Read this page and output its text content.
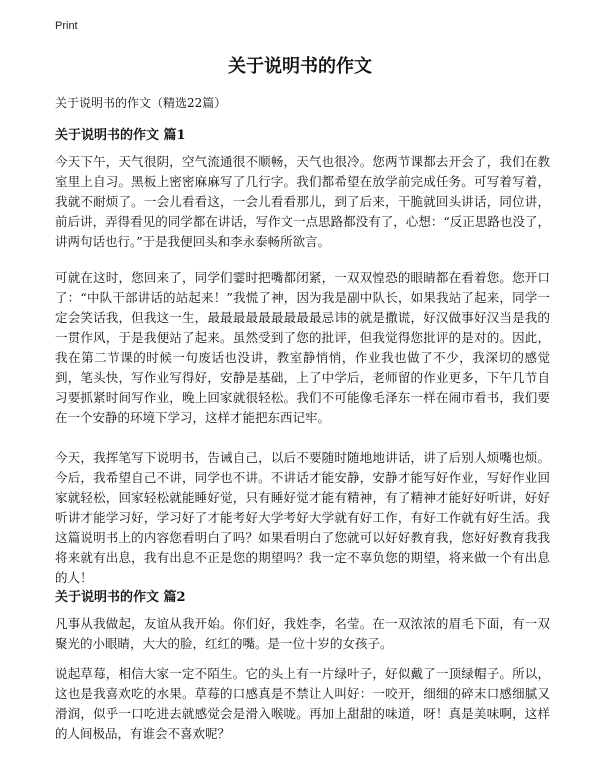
Print
关于说明书的作文
关于说明书的作文（精选22篇）
关于说明书的作文 篇1

今天下午，天气很阴，空气流通很不顺畅，天气也很冷。您两节课都去开会了，我们在教室里上自习。黑板上密密麻麻写了几行字。我们都希望在放学前完成任务。可写着写着，我就不耐烦了。一会儿看看这，一会儿看看那儿，到了后来，干脆就回头讲话，同位讲，前后讲，弄得看见的同学都在讲话，写作文一点思路都没有了，心想：“反正思路也没了，讲两句话也行。”于是我便回头和李永泰畅所欲言。

可就在这时，您回来了，同学们霎时把嘴都闭紧，一双双惶恐的眼睛都在看着您。您开口了：“中队干部讲话的站起来！”我慌了神，因为我是副中队长，如果我站了起来，同学一定会笑话我，但我这一生，最最最最最最最最最忌讳的就是撒谎，好汉做事好汉当是我的一贯作风，于是我便站了起来。虽然受到了您的批评，但我觉得您批评的是对的。因此，我在第二节课的时候一句废话也没讲，教室静悄悄，作业我也做了不少，我深切的感觉到，笔头快，写作业写得好，安静是基础，上了中学后，老师留的作业更多，下午几节自习要抓紧时间写作业，晚上回家就很轻松。我们不可能像毛泽东一样在闹市看书，我们要在一个安静的环境下学习，这样才能把东西记牢。

今天，我挥笔写下说明书，告诫自己，以后不要随时随地地讲话，讲了后别人烦嘴也烦。今后，我希望自己不讲，同学也不讲。不讲话才能安静，安静才能写好作业，写好作业回家就轻松，回家轻松就能睡好觉，只有睡好觉才能有精神，有了精神才能好好听讲，好好听讲才能学习好，学习好了才能考好大学考好大学就有好工作，有好工作就有好生活。我这篇说明书上的内容您看明白了吗？如果看明白了您就可以好好教育我，您好好教育我我将来就有出息，我有出息不正是您的期望吗？我一定不辜负您的期望，将来做一个有出息的人！

关于说明书的作文 篇2

凡事从我做起，友谊从我开始。你们好，我姓李，名莹。在一双浓浓的眉毛下面，有一双聚光的小眼睛，大大的脸，红红的嘴。是一位十岁的女孩子。

说起草莓，相信大家一定不陌生。它的头上有一片绿叶子，好似戴了一顶绿帽子。所以，这也是我喜欢吃的水果。草莓的口感真是不禁让人叫好：一咬开，细细的碎末口感细腻又滑润，似乎一口吃进去就感觉会是滑入喉咙。再加上甜甜的味道，呀！真是美味啊，这样的人间极品，有谁会不喜欢呢？
